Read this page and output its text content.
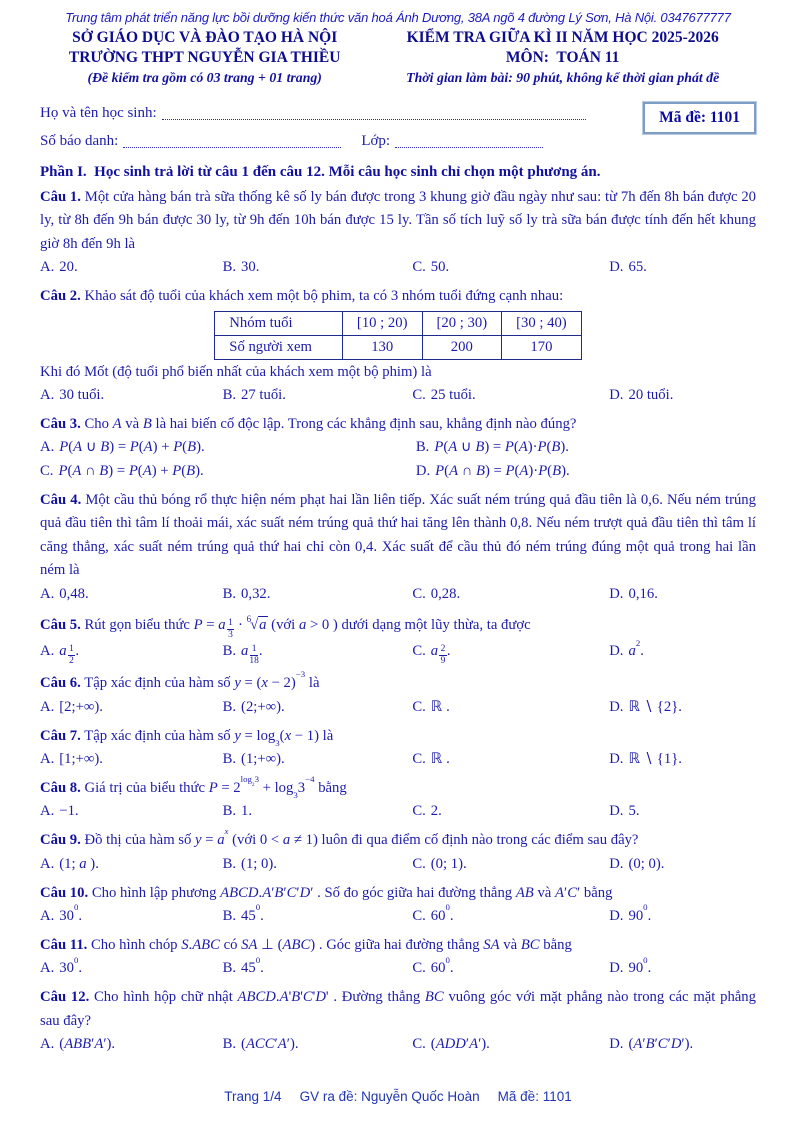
Trung tâm phát triển năng lực bồi dưỡng kiến thức văn hoá Ánh Dương, 38A ngõ 4 đường Lý Sơn, Hà Nội. 0347677777
SỞ GIÁO DỤC VÀ ĐÀO TẠO HÀ NỘI
TRƯỜNG THPT NGUYỄN GIA THIỀU
(Đề kiểm tra gồm có 03 trang + 01 trang)
KIỂM TRA GIỮA KÌ II NĂM HỌC 2025-2026
MÔN:  TOÁN 11
Thời gian làm bài: 90 phút, không kể thời gian phát đề
Mã đề: 1101
Họ và tên học sinh:
Số báo danh:	Lớp:
Phần I.  Học sinh trả lời từ câu 1 đến câu 12. Mỗi câu học sinh chỉ chọn một phương án.
Câu 1. Một cửa hàng bán trà sữa thống kê số ly bán được trong 3 khung giờ đầu ngày như sau: từ 7h đến 8h bán được 20 ly, từ 8h đến 9h bán được 30 ly, từ 9h đến 10h bán được 15 ly. Tần số tích luỹ số ly trà sữa bán được tính đến hết khung giờ 8h đến 9h là
A. 20.	B. 30.	C. 50.	D. 65.
Câu 2. Khảo sát độ tuổi của khách xem một bộ phim, ta có 3 nhóm tuổi đứng cạnh nhau:
Nhóm tuổi	[10 ; 20)	[20 ; 30)	[30 ; 40)
Số người xem	130	200	170
Khi đó Mốt (độ tuổi phổ biến nhất của khách xem một bộ phim) là
A. 30 tuổi.	B. 27 tuổi.	C. 25 tuổi.	D. 20 tuổi.
Câu 3. Cho A và B là hai biến cố độc lập. Trong các khẳng định sau, khẳng định nào đúng?
A. P(A ∪ B) = P(A) + P(B).	B. P(A ∪ B) = P(A)·P(B).
C. P(A ∩ B) = P(A) + P(B).	D. P(A ∩ B) = P(A)·P(B).
Câu 4. Một cầu thủ bóng rổ thực hiện ném phạt hai lần liên tiếp. Xác suất ném trúng quả đầu tiên là 0,6. Nếu ném trúng quả đầu tiên thì tâm lí thoải mái, xác suất ném trúng quả thứ hai tăng lên thành 0,8. Nếu ném trượt quả đầu tiên thì tâm lí căng thẳng, xác suất ném trúng quả thứ hai chỉ còn 0,4. Xác suất để cầu thủ đó ném trúng đúng một quả trong hai lần ném là
A. 0,48.	B. 0,32.	C. 0,28.	D. 0,16.
Câu 5. Rút gọn biểu thức P = a $\frac{1}{3} \cdot ^6√a$ (với a > 0 ) dưới dạng một lũy thừa, ta được
A. a $\frac{1}{2}$ .	B. a $\frac{1}{18}$ .	C. a $\frac{2}{9}$ .	D. $a^2$.
Câu 6. Tập xác định của hàm số $y = (x - 2)^{-3}$ là
A. [2;+∞).	B. (2;+∞).	C. ℝ .	D. ℝ ∖ {2}.
Câu 7. Tập xác định của hàm số $y = \log_3(x - 1)$ là
A. [1;+∞).	B. (1;+∞).	C. ℝ .	D. ℝ ∖ {1}.
Câu 8. Giá trị của biểu thức $P = 2^{log_23} + \log_33^{-4}$ bằng
A. −1.	B. 1.	C. 2.	D. 5.
Câu 9. Đồ thị của hàm số $y = a^x$ (với 0 < a ≠ 1) luôn đi qua điểm cố định nào trong các điểm sau đây?
A. (1; a ).	B. (1; 0).	C. (0; 1).	D. (0; 0).
Câu 10. Cho hình lập phương ABCD.A′B′C′D′ . Số đo góc giữa hai đường thẳng AB và A′C′ bằng
A. $30^0$.	B. $45^0$.	C. $60^0$.	D. $90^0$.
Câu 11. Cho hình chóp S.ABC có SA ⊥ (ABC) . Góc giữa hai đường thẳng SA và BC bằng
A. $30^0$.	B. $45^0$.	C. $60^0$.	D. $90^0$.
Câu 12. Cho hình hộp chữ nhật ABCD.A'B'C'D' . Đường thẳng BC vuông góc với mặt phẳng nào trong các mặt phẳng sau đây?
A. (ABB′A′).	B. (ACC′A′).	C. (ADD′A′).	D. (A′B′C′D′).
Trang 1/4 GV ra đề: Nguyễn Quốc Hoàn Mã đề: 1101
